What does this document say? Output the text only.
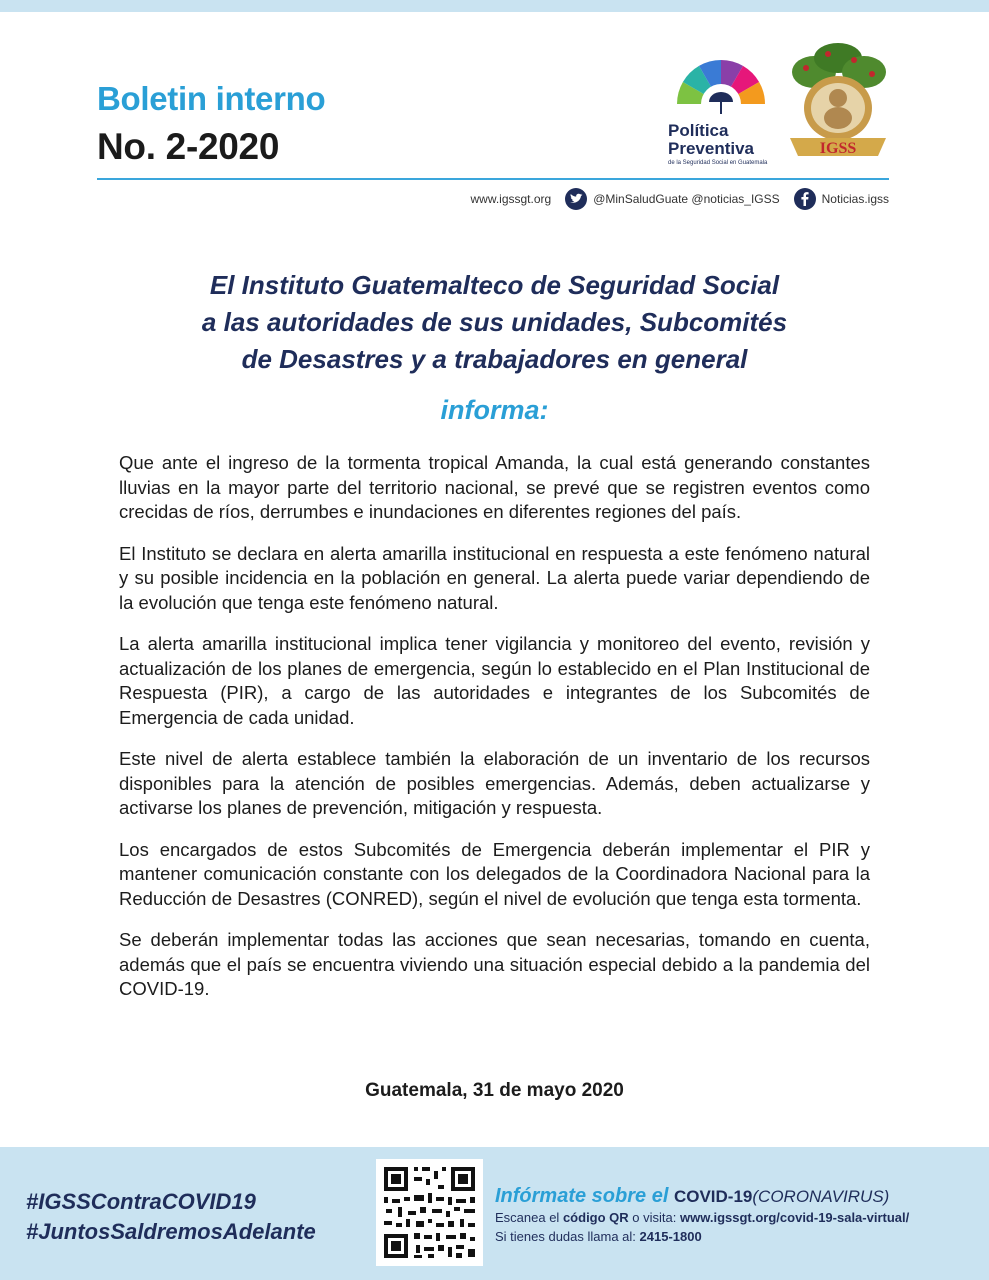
Boletin interno
No. 2-2020	Política
Preventiva
de la Seguridad Social en Guatemala
IGSS
www.igssgt.org	@MinSaludGuate @noticias_IGSS	Noticias.igss
El Instituto Guatemalteco de Seguridad Social
a las autoridades de sus unidades, Subcomités
de Desastres y a trabajadores en general
informa:

Que ante el ingreso de la tormenta tropical Amanda, la cual está generando constantes lluvias en la mayor parte del territorio nacional, se prevé que se registren eventos como crecidas de ríos, derrumbes e inundaciones en diferentes regiones del país.

El Instituto se declara en alerta amarilla institucional en respuesta a este fenómeno natural y su posible incidencia en la población en general. La alerta puede variar dependiendo de la evolución que tenga este fenómeno natural.

La alerta amarilla institucional implica tener vigilancia y monitoreo del evento, revisión y actualización de los planes de emergencia, según lo establecido en el Plan Institucional de Respuesta (PIR), a cargo de las autoridades e integrantes de los Subcomités de Emergencia de cada unidad.

Este nivel de alerta establece también la elaboración de un inventario de los recursos disponibles para la atención de posibles emergencias. Además, deben actualizarse y activarse los planes de prevención, mitigación y respuesta.

Los encargados de estos Subcomités de Emergencia deberán implementar el PIR y mantener comunicación constante con los delegados de la Coordinadora Nacional para la Reducción de Desastres (CONRED), según el nivel de evolución que tenga esta tormenta.

Se deberán implementar todas las acciones que sean necesarias, tomando en cuenta, además que el país se encuentra viviendo una situación especial debido a la pandemia del COVID-19.

Guatemala, 31 de mayo 2020
#IGSSContraCOVID19
#JuntosSaldremosAdelante
Infórmate sobre el COVID-19(CORONAVIRUS)
Escanea el código QR o visita: www.igssgt.org/covid-19-sala-virtual/
Si tienes dudas llama al: 2415-1800
